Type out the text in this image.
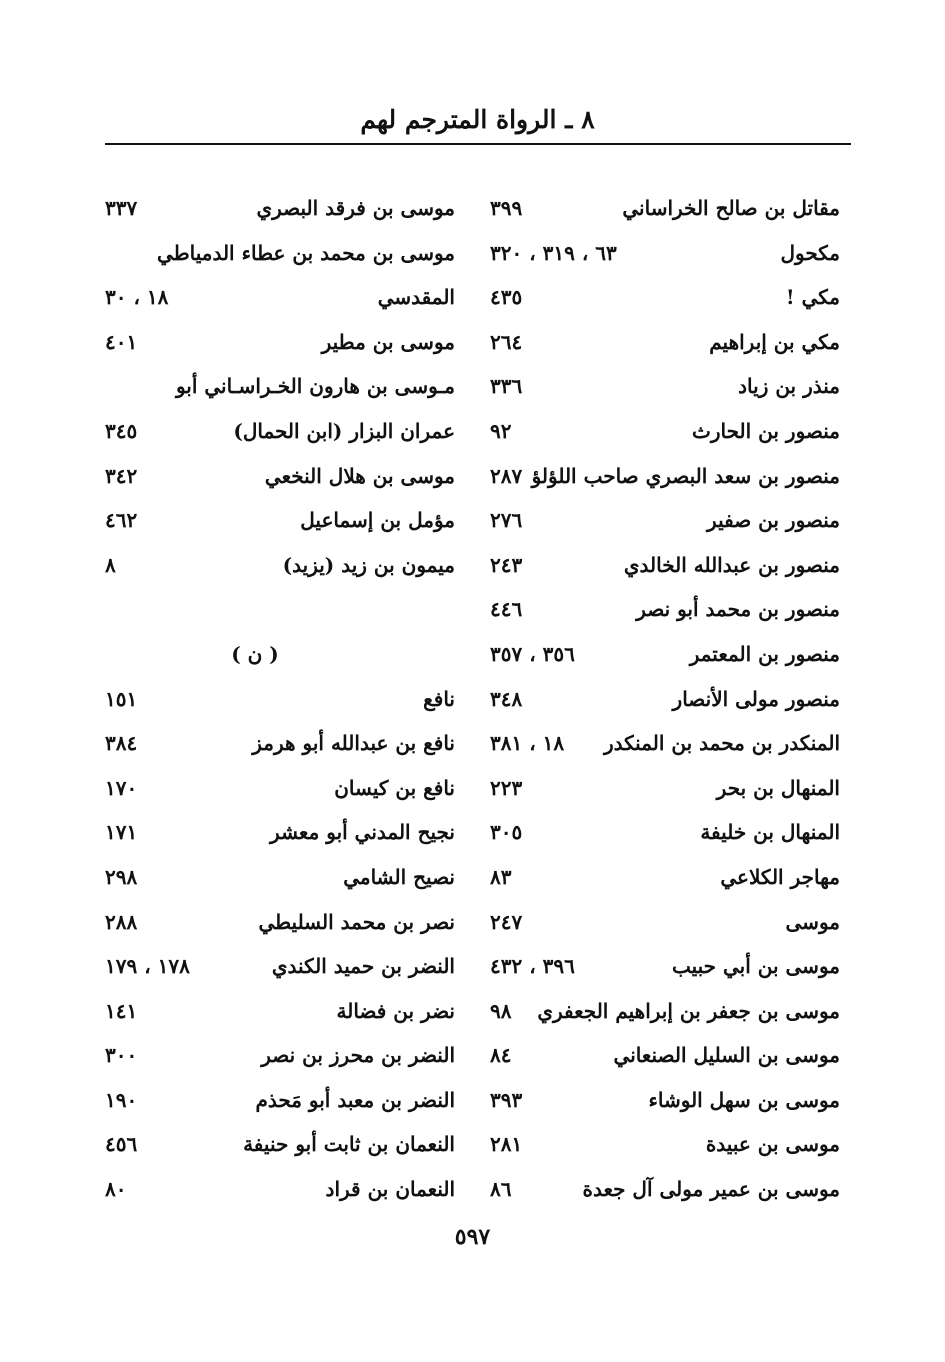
٨ ـ الرواة المترجم لهم
مقاتل بن صالح الخراساني
٣٩٩
مكحول
٦٣ ، ٣١٩ ، ٣٢٠
مكي !
٤٣٥
مكي بن إبراهيم
٢٦٤
منذر بن زياد
٣٣٦
منصور بن الحارث
٩٢
منصور بن سعد البصري صاحب اللؤلؤ
٢٨٧
منصور بن صفير
٢٧٦
منصور بن عبدالله الخالدي
٢٤٣
منصور بن محمد أبو نصر
٤٤٦
منصور بن المعتمر
٣٥٦ ، ٣٥٧
منصور مولى الأنصار
٣٤٨
المنكدر بن محمد بن المنكدر
١٨ ، ٣٨١
المنهال بن بحر
٢٢٣
المنهال بن خليفة
٣٠٥
مهاجر الكلاعي
٨٣
موسى
٢٤٧
موسى بن أبي حبيب
٣٩٦ ، ٤٣٢
موسى بن جعفر بن إبراهيم الجعفري
٩٨
موسى بن السليل الصنعاني
٨٤
موسى بن سهل الوشاء
٣٩٣
موسى بن عبيدة
٢٨١
موسى بن عمير مولى آل جعدة
٨٦
موسى بن فرقد البصري
٣٣٧
موسى بن محمد بن عطاء الدمياطي
المقدسي
١٨ ، ٣٠
موسى بن مطير
٤٠١
مـوسى بن هارون الخـراسـاني أبو
عمران البزار (ابن الحمال)
٣٤٥
موسى بن هلال النخعي
٣٤٢
مؤمل بن إسماعيل
٤٦٢
ميمون بن زيد (يزيد)
٨
( ن )
نافع
١٥١
نافع بن عبدالله أبو هرمز
٣٨٤
نافع بن كيسان
١٧٠
نجيح المدني أبو معشر
١٧١
نصيح الشامي
٢٩٨
نصر بن محمد السليطي
٢٨٨
النضر بن حميد الكندي
١٧٨ ، ١٧٩
نضر بن فضالة
١٤١
النضر بن محرز بن نصر
٣٠٠
النضر بن معبد أبو مَحذم
١٩٠
النعمان بن ثابت أبو حنيفة
٤٥٦
النعمان بن قراد
٨٠
٥٩٧
